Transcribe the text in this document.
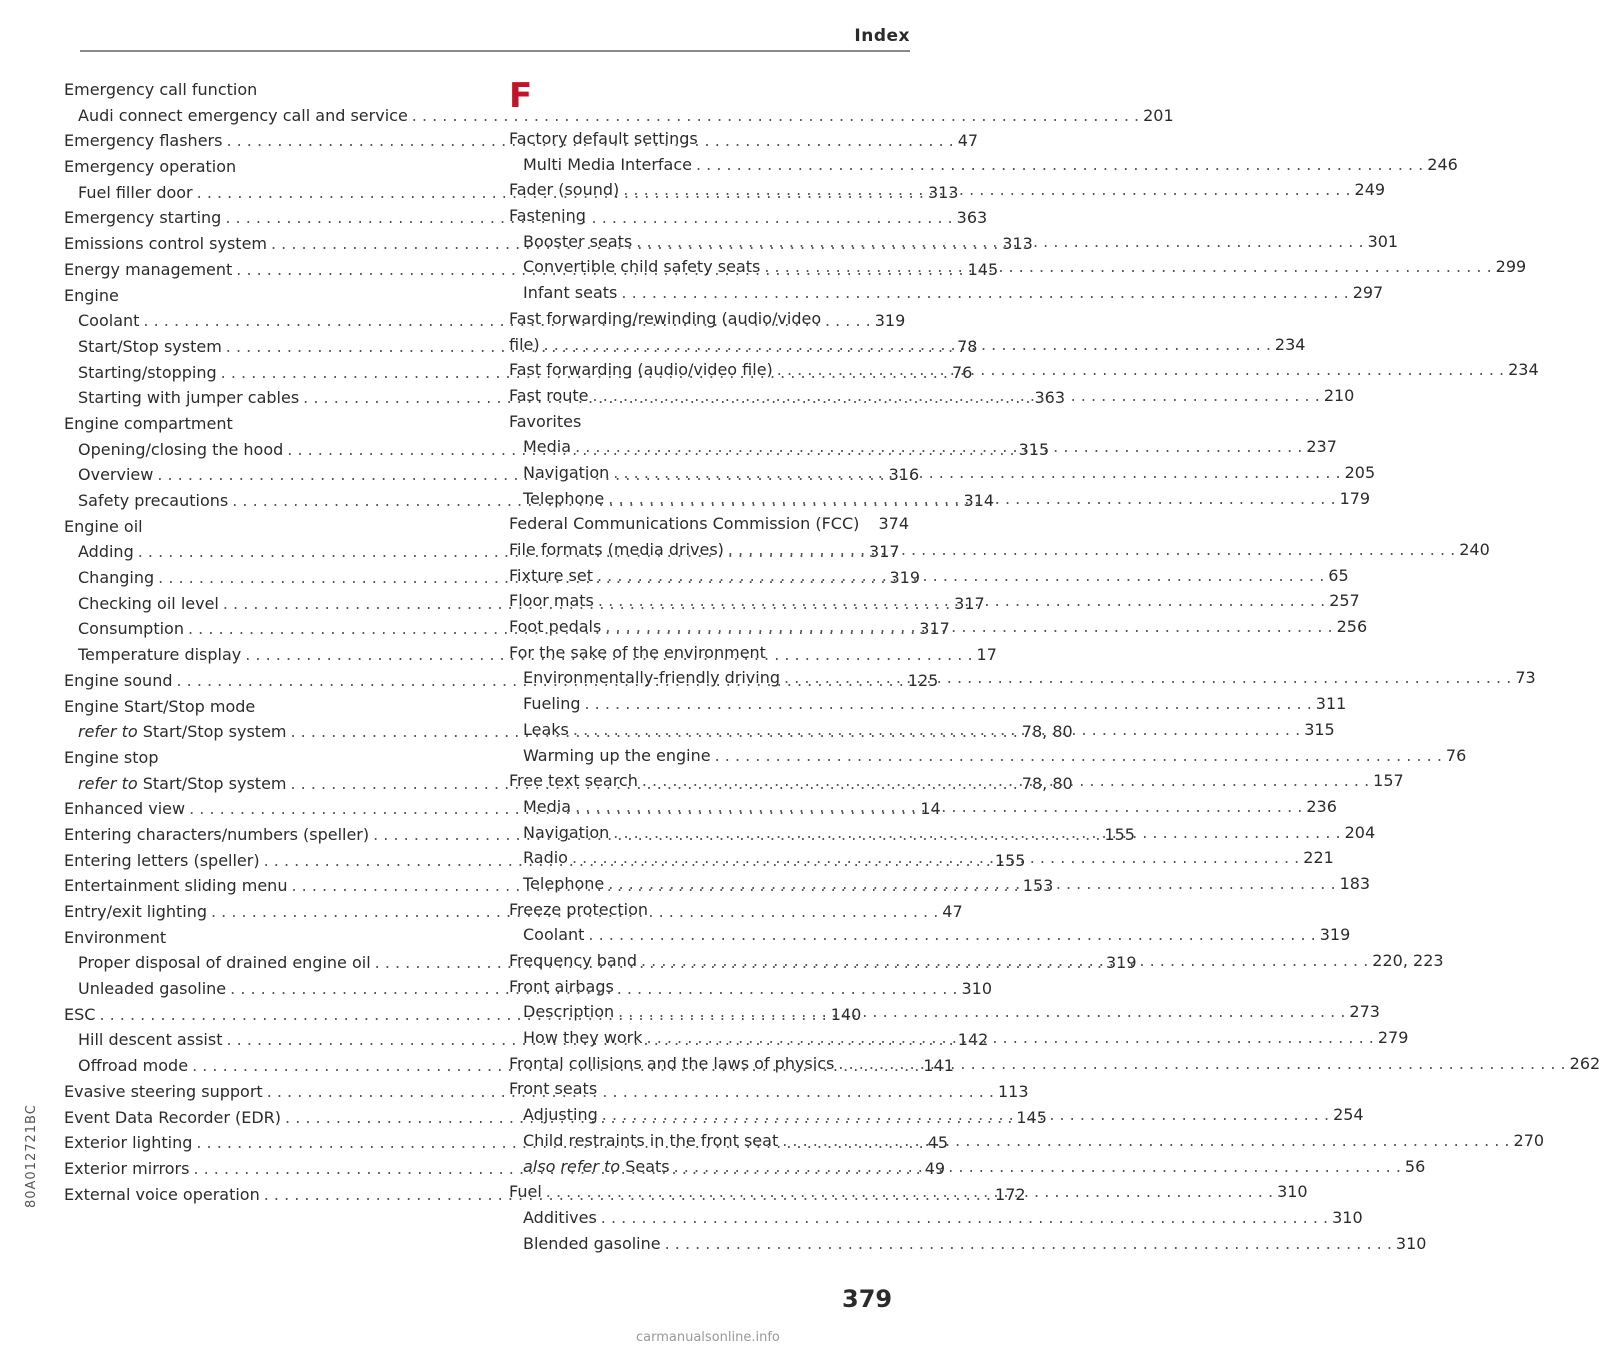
Index
Emergency call function
Audi connect emergency call and service . . .	201
Emergency flashers . . .	47
Emergency operation
Fuel filler door . . .	313
Emergency starting . . .	363
Emissions control system . . .	313
Energy management . . .	145
Engine
Coolant . . .	319
Start/Stop system . . .	78
Starting/stopping . . .	76
Starting with jumper cables . . .	363
Engine compartment
Opening/closing the hood . . .	315
Overview . . .	316
Safety precautions . . .	314
Engine oil
Adding . . .	317
Changing . . .	319
Checking oil level . . .	317
Consumption . . .	317
Temperature display . . .	17
Engine sound . . .	125
Engine Start/Stop mode
refer to Start/Stop system . . .	78, 80
Engine stop
refer to Start/Stop system . . .	78, 80
Enhanced view . . .	14
Entering characters/numbers (speller) . . .	155
Entering letters (speller) . . .	155
Entertainment sliding menu . . .	153
Entry/exit lighting . . .	47
Environment
Proper disposal of drained engine oil . . .	319
Unleaded gasoline . . .	310
ESC . . .	140
Hill descent assist . . .	142
Offroad mode . . .	141
Evasive steering support . . .	113
Event Data Recorder (EDR) . . .	145
Exterior lighting . . .	45
Exterior mirrors . . .	49
External voice operation . . .	172
F
Factory default settings
Multi Media Interface . . .	246
Fader (sound) . . .	249
Fastening
Booster seats . . .	301
Convertible child safety seats . . .	299
Infant seats . . .	297
Fast forwarding/rewinding (audio/video
file) . . .	234
Fast forwarding (audio/video file) . . .	234
Fast route . . .	210
Favorites
Media . . .	237
Navigation . . .	205
Telephone . . .	179
Federal Communications Commission (FCC) 374
File formats (media drives) . . .	240
Fixture set . . .	65
Floor mats . . .	257
Foot pedals . . .	256
For the sake of the environment
Environmentally-friendly driving . . .	73
Fueling . . .	311
Leaks . . .	315
Warming up the engine . . .	76
Free text search . . .	157
Media . . .	236
Navigation . . .	204
Radio . . .	221
Telephone . . .	183
Freeze protection
Coolant . . .	319
Frequency band . . .	220, 223
Front airbags
Description . . .	273
How they work . . .	279
Frontal collisions and the laws of physics . . .	262
Front seats
Adjusting . . .	254
Child restraints in the front seat . . .	270
also refer to Seats . . .	56
Fuel . . .	310
Additives . . .	310
Blended gasoline . . .	310
80A012721BC
379
carmanualsonline.info
